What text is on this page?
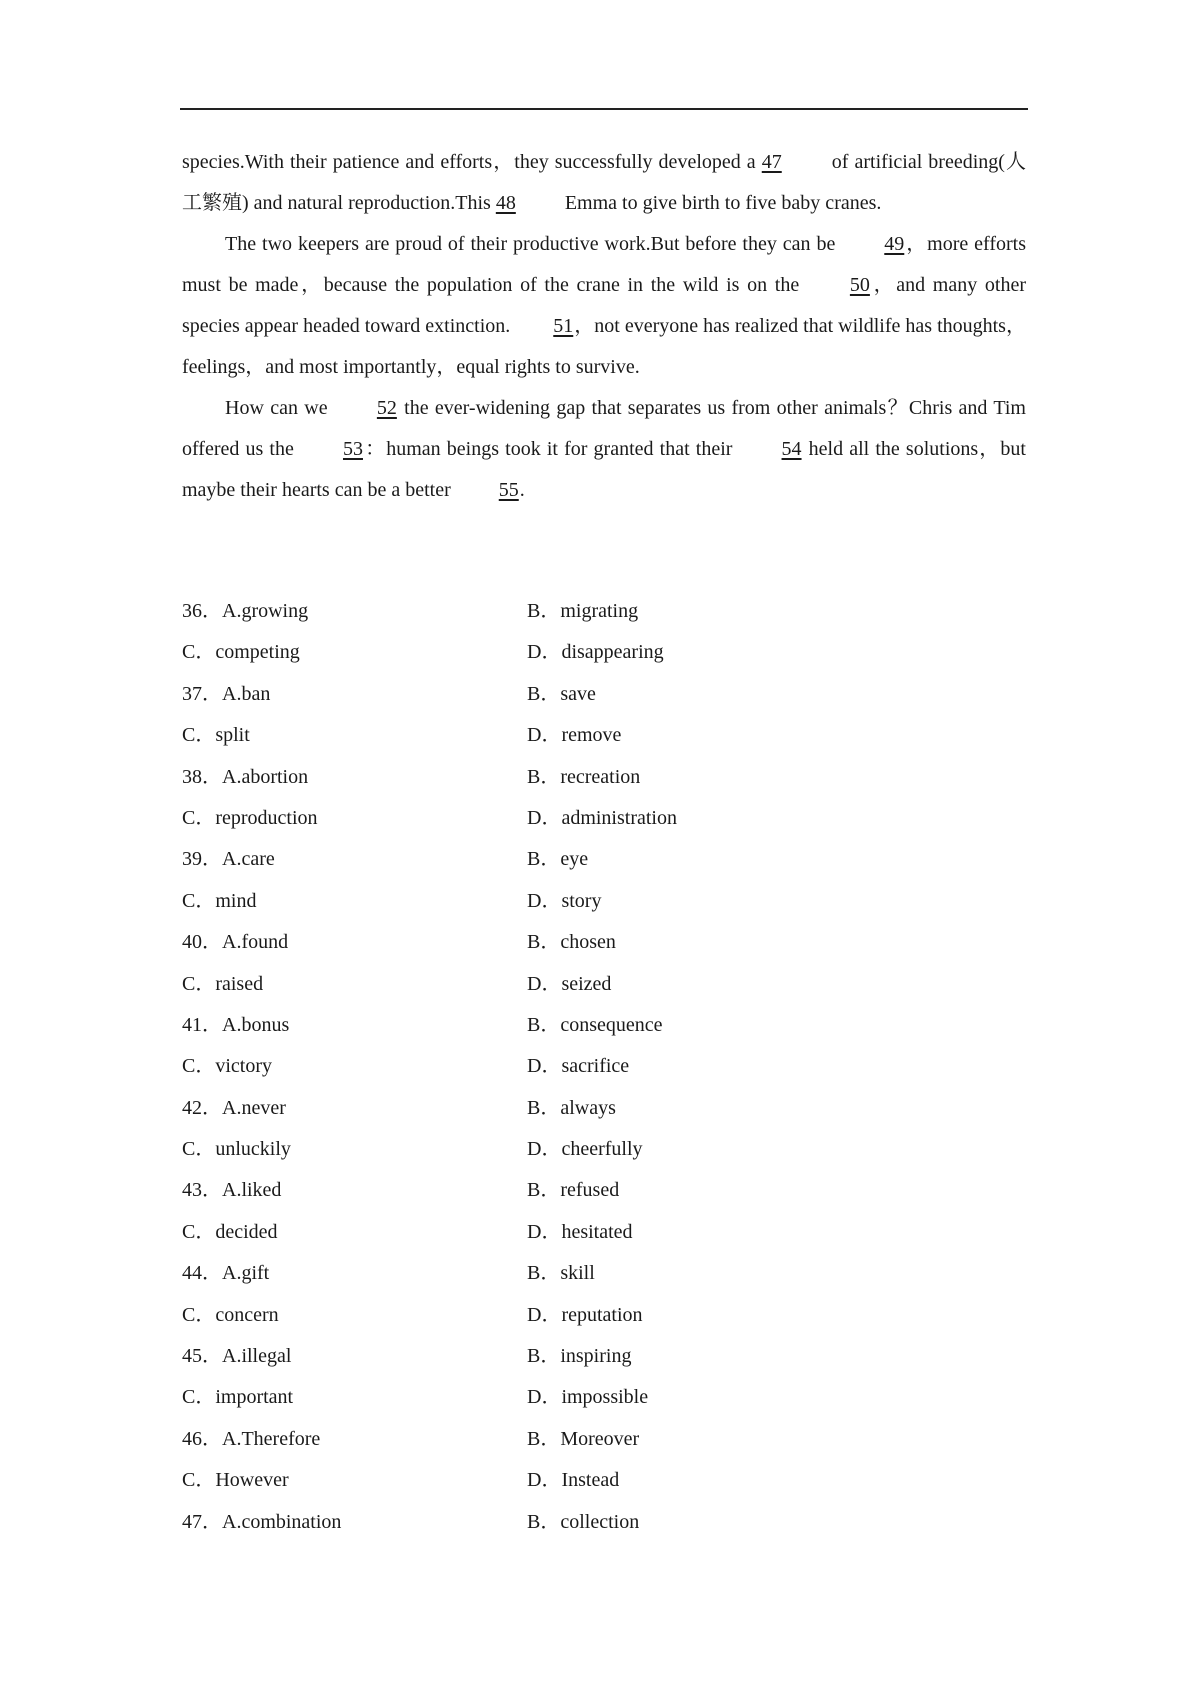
species.With their patience and efforts，they successfully developed a 47 of artificial breeding(人工繁殖) and natural reproduction.This 48 Emma to give birth to five baby cranes.

The two keepers are proud of their productive work.But before they can be 49，more efforts must be made，because the population of the crane in the wild is on the 50，and many other species appear headed toward extinction. 51，not everyone has realized that wildlife has thoughts，feelings，and most importantly，equal rights to survive.

How can we 52 the ever-widening gap that separates us from other animals？Chris and Tim offered us the 53：human beings took it for granted that their 54 held all the solutions，but maybe their hearts can be a better 55.

36．A.growing	B．migrating
C．competing	D．disappearing
37．A.ban	B．save
C．split	D．remove
38．A.abortion	B．recreation
C．reproduction	D．administration
39．A.care	B．eye
C．mind	D．story
40．A.found	B．chosen
C．raised	D．seized
41．A.bonus	B．consequence
C．victory	D．sacrifice
42．A.never	B．always
C．unluckily	D．cheerfully
43．A.liked	B．refused
C．decided	D．hesitated
44．A.gift	B．skill
C．concern	D．reputation
45．A.illegal	B．inspiring
C．important	D．impossible
46．A.Therefore	B．Moreover
C．However	D．Instead
47．A.combination	B．collection
